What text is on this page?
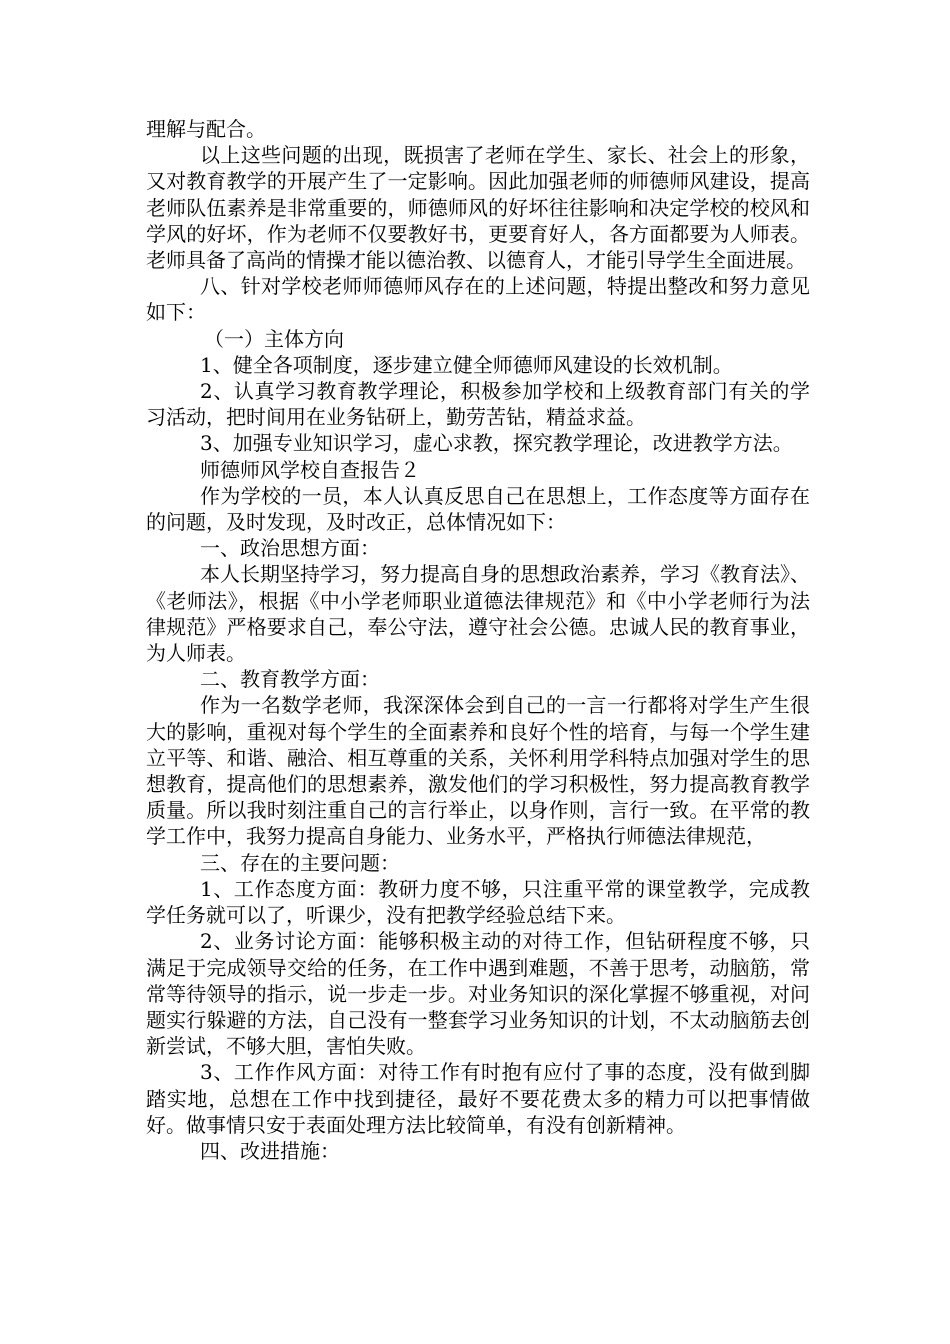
理解与配合。

以上这些问题的出现，既损害了老师在学生、家长、社会上的形象，又对教育教学的开展产生了一定影响。因此加强老师的师德师风建设，提高老师队伍素养是非常重要的，师德师风的好坏往往影响和决定学校的校风和学风的好坏，作为老师不仅要教好书，更要育好人，各方面都要为人师表。老师具备了高尚的情操才能以德治教、以德育人，才能引导学生全面进展。

八、针对学校老师师德师风存在的上述问题，特提出整改和努力意见如下：

（一）主体方向

1、健全各项制度，逐步建立健全师德师风建设的长效机制。

2、认真学习教育教学理论，积极参加学校和上级教育部门有关的学习活动，把时间用在业务钻研上，勤劳苦钻，精益求益。

3、加强专业知识学习，虚心求教，探究教学理论，改进教学方法。

师德师风学校自查报告２

作为学校的一员，本人认真反思自己在思想上，工作态度等方面存在的问题，及时发现，及时改正，总体情况如下：

一、政治思想方面：

本人长期坚持学习，努力提高自身的思想政治素养，学习《教育法》、《老师法》，根据《中小学老师职业道德法律规范》和《中小学老师行为法律规范》严格要求自己，奉公守法，遵守社会公德。忠诚人民的教育事业，为人师表。

二、教育教学方面：

作为一名数学老师，我深深体会到自己的一言一行都将对学生产生很大的影响，重视对每个学生的全面素养和良好个性的培育，与每一个学生建立平等、和谐、融洽、相互尊重的关系，关怀利用学科特点加强对学生的思想教育，提高他们的思想素养，激发他们的学习积极性，努力提高教育教学质量。所以我时刻注重自己的言行举止，以身作则，言行一致。在平常的教学工作中，我努力提高自身能力、业务水平，严格执行师德法律规范，

三、存在的主要问题：

1、工作态度方面：教研力度不够，只注重平常的课堂教学，完成教学任务就可以了，听课少，没有把教学经验总结下来。

2、业务讨论方面：能够积极主动的对待工作，但钻研程度不够，只满足于完成领导交给的任务，在工作中遇到难题，不善于思考，动脑筋，常常等待领导的指示，说一步走一步。对业务知识的深化掌握不够重视，对问题实行躲避的方法，自己没有一整套学习业务知识的计划，不太动脑筋去创新尝试，不够大胆，害怕失败。

3、工作作风方面：对待工作有时抱有应付了事的态度，没有做到脚踏实地，总想在工作中找到捷径，最好不要花费太多的精力可以把事情做好。做事情只安于表面处理方法比较简单，有没有创新精神。

四、改进措施：
